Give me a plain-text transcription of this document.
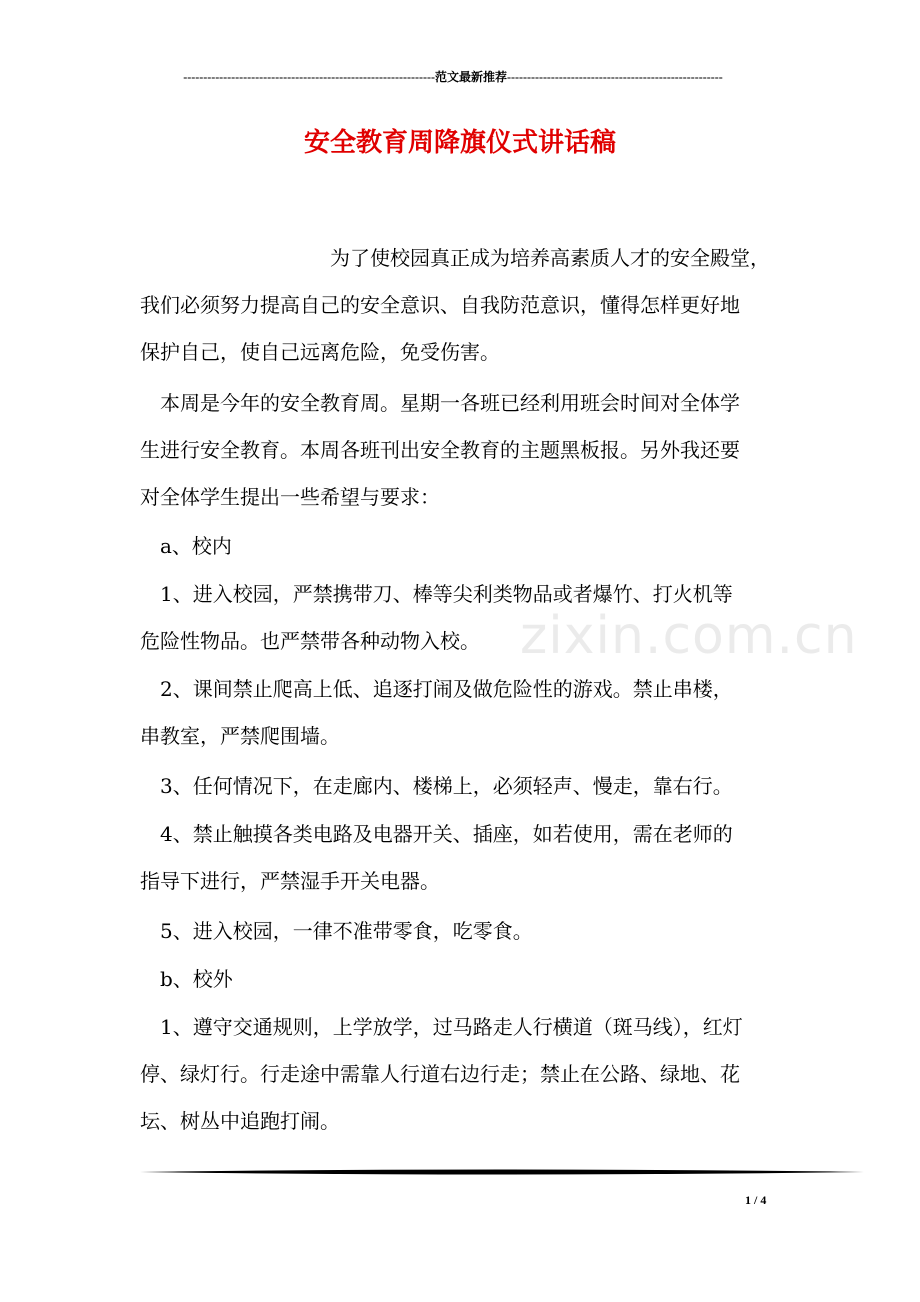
---------------------------------------------------------------范文最新推荐------------------------------------------------------
安全教育周降旗仪式讲话稿
zixin.com.cn
为了使校园真正成为培养高素质人才的安全殿堂，
我们必须努力提高自己的安全意识、自我防范意识，懂得怎样更好地
保护自己，使自己远离危险，免受伤害。
本周是今年的安全教育周。星期一各班已经利用班会时间对全体学
生进行安全教育。本周各班刊出安全教育的主题黑板报。另外我还要
对全体学生提出一些希望与要求：
a、校内
1、进入校园，严禁携带刀、棒等尖利类物品或者爆竹、打火机等
危险性物品。也严禁带各种动物入校。
2、课间禁止爬高上低、追逐打闹及做危险性的游戏。禁止串楼，
串教室，严禁爬围墙。
3、任何情况下，在走廊内、楼梯上，必须轻声、慢走，靠右行。
4、禁止触摸各类电路及电器开关、插座，如若使用，需在老师的
指导下进行，严禁湿手开关电器。
5、进入校园，一律不准带零食，吃零食。
b、校外
1、遵守交通规则，上学放学，过马路走人行横道（斑马线），红灯
停、绿灯行。行走途中需靠人行道右边行走；禁止在公路、绿地、花
坛、树丛中追跑打闹。
1 / 4
